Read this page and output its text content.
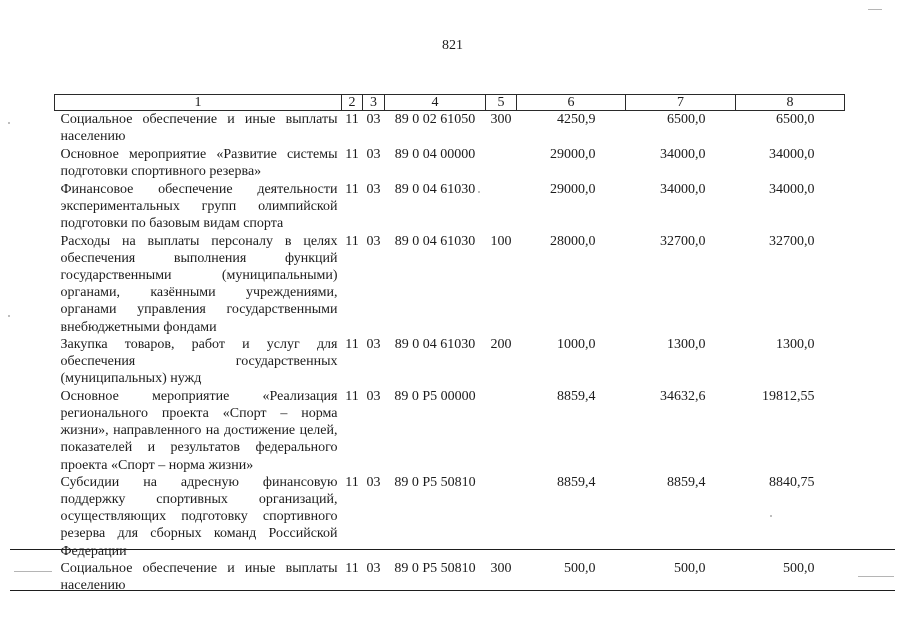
821
1	2	3	4	5	6	7	8
Социальное обеспечение и иные выплаты населению	11	03	89 0 02 61050	300	4250,9	6500,0	6500,0
Основное мероприятие «Развитие системы подготовки спортивного резерва»	11	03	89 0 04 00000		29000,0	34000,0	34000,0
Финансовое обеспечение деятельности экспериментальных групп олимпийской подготовки по базовым видам спорта	11	03	89 0 04 61030		29000,0	34000,0	34000,0
Расходы на выплаты персоналу в целях обеспечения выполнения функций государственными (муниципальными) органами, казёнными учреждениями, органами управления государственными внебюджетными фондами	11	03	89 0 04 61030	100	28000,0	32700,0	32700,0
Закупка товаров, работ и услуг для обеспечения государственных (муниципальных) нужд	11	03	89 0 04 61030	200	1000,0	1300,0	1300,0
Основное мероприятие «Реализация регионального проекта «Спорт – норма жизни», направленного на достижение целей, показателей и результатов федерального проекта «Спорт – норма жизни»	11	03	89 0 P5 00000		8859,4	34632,6	19812,55
Субсидии на адресную финансовую поддержку спортивных организаций, осуществляющих подготовку спортивного резерва для сборных команд Российской Федерации	11	03	89 0 P5 50810		8859,4	8859,4	8840,75
Социальное обеспечение и иные выплаты населению	11	03	89 0 P5 50810	300	500,0	500,0	500,0
